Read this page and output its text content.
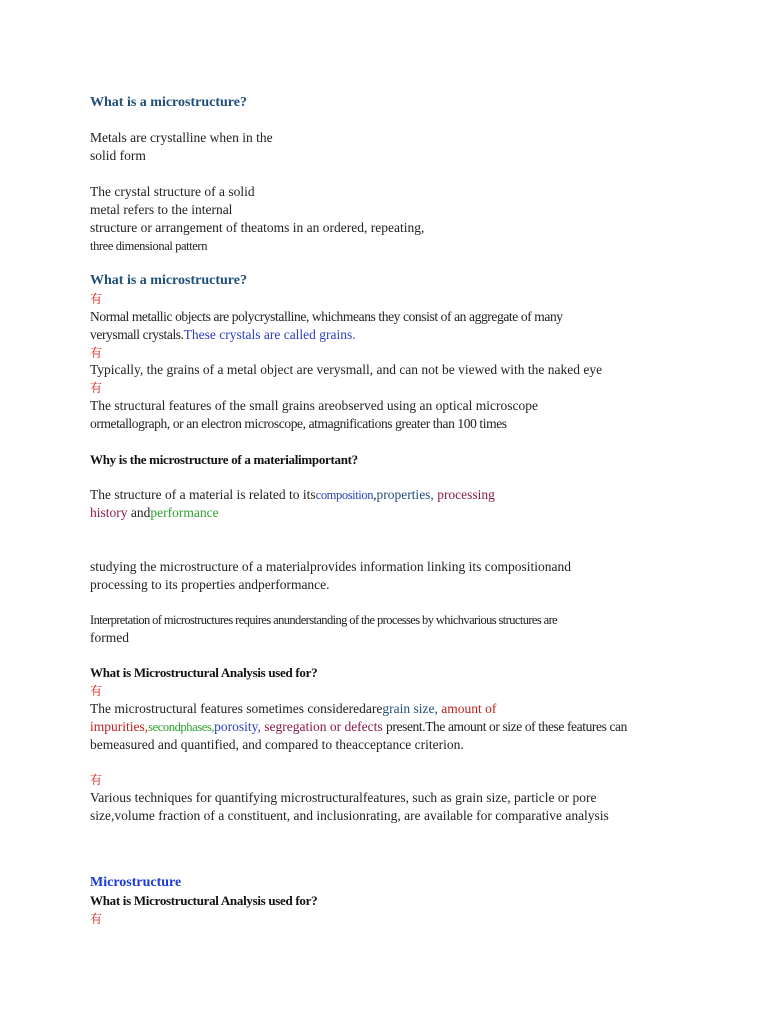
What is a microstructure?
Metals are crystalline when in the
solid form
The crystal structure of a solid
metal refers to the internal
structure or arrangement of theatoms in an ordered, repeating,
three dimensional pattern
What is a microstructure?
有
Normal metallic objects are polycrystalline, whichmeans they consist of an aggregate of many
verysmall crystals.These crystals are called grains.
有
Typically, the grains of a metal object are verysmall, and can not be viewed with the naked eye
有
The structural features of the small grains areobserved using an optical microscope
ormetallograph, or an electron microscope, atmagnifications greater than 100 times
Why is the microstructure of a materialimportant?
The structure of a material is related to itscomposition,properties, processing
history andperformance
studying the microstructure of a materialprovides information linking its compositionand
processing to its properties andperformance.
Interpretation of microstructures requires anunderstanding of the processes by whichvarious structures are
formed
What is Microstructural Analysis used for?
有
The microstructural features sometimes consideredaregrain size, amount of
impurities,secondphases,porosity, segregation or defects present.The amount or size of these features can
bemeasured and quantified, and compared to theacceptance criterion.
有
Various techniques for quantifying microstructuralfeatures, such as grain size, particle or pore
size,volume fraction of a constituent, and inclusionrating, are available for comparative analysis
Microstructure
What is Microstructural Analysis used for?
有
